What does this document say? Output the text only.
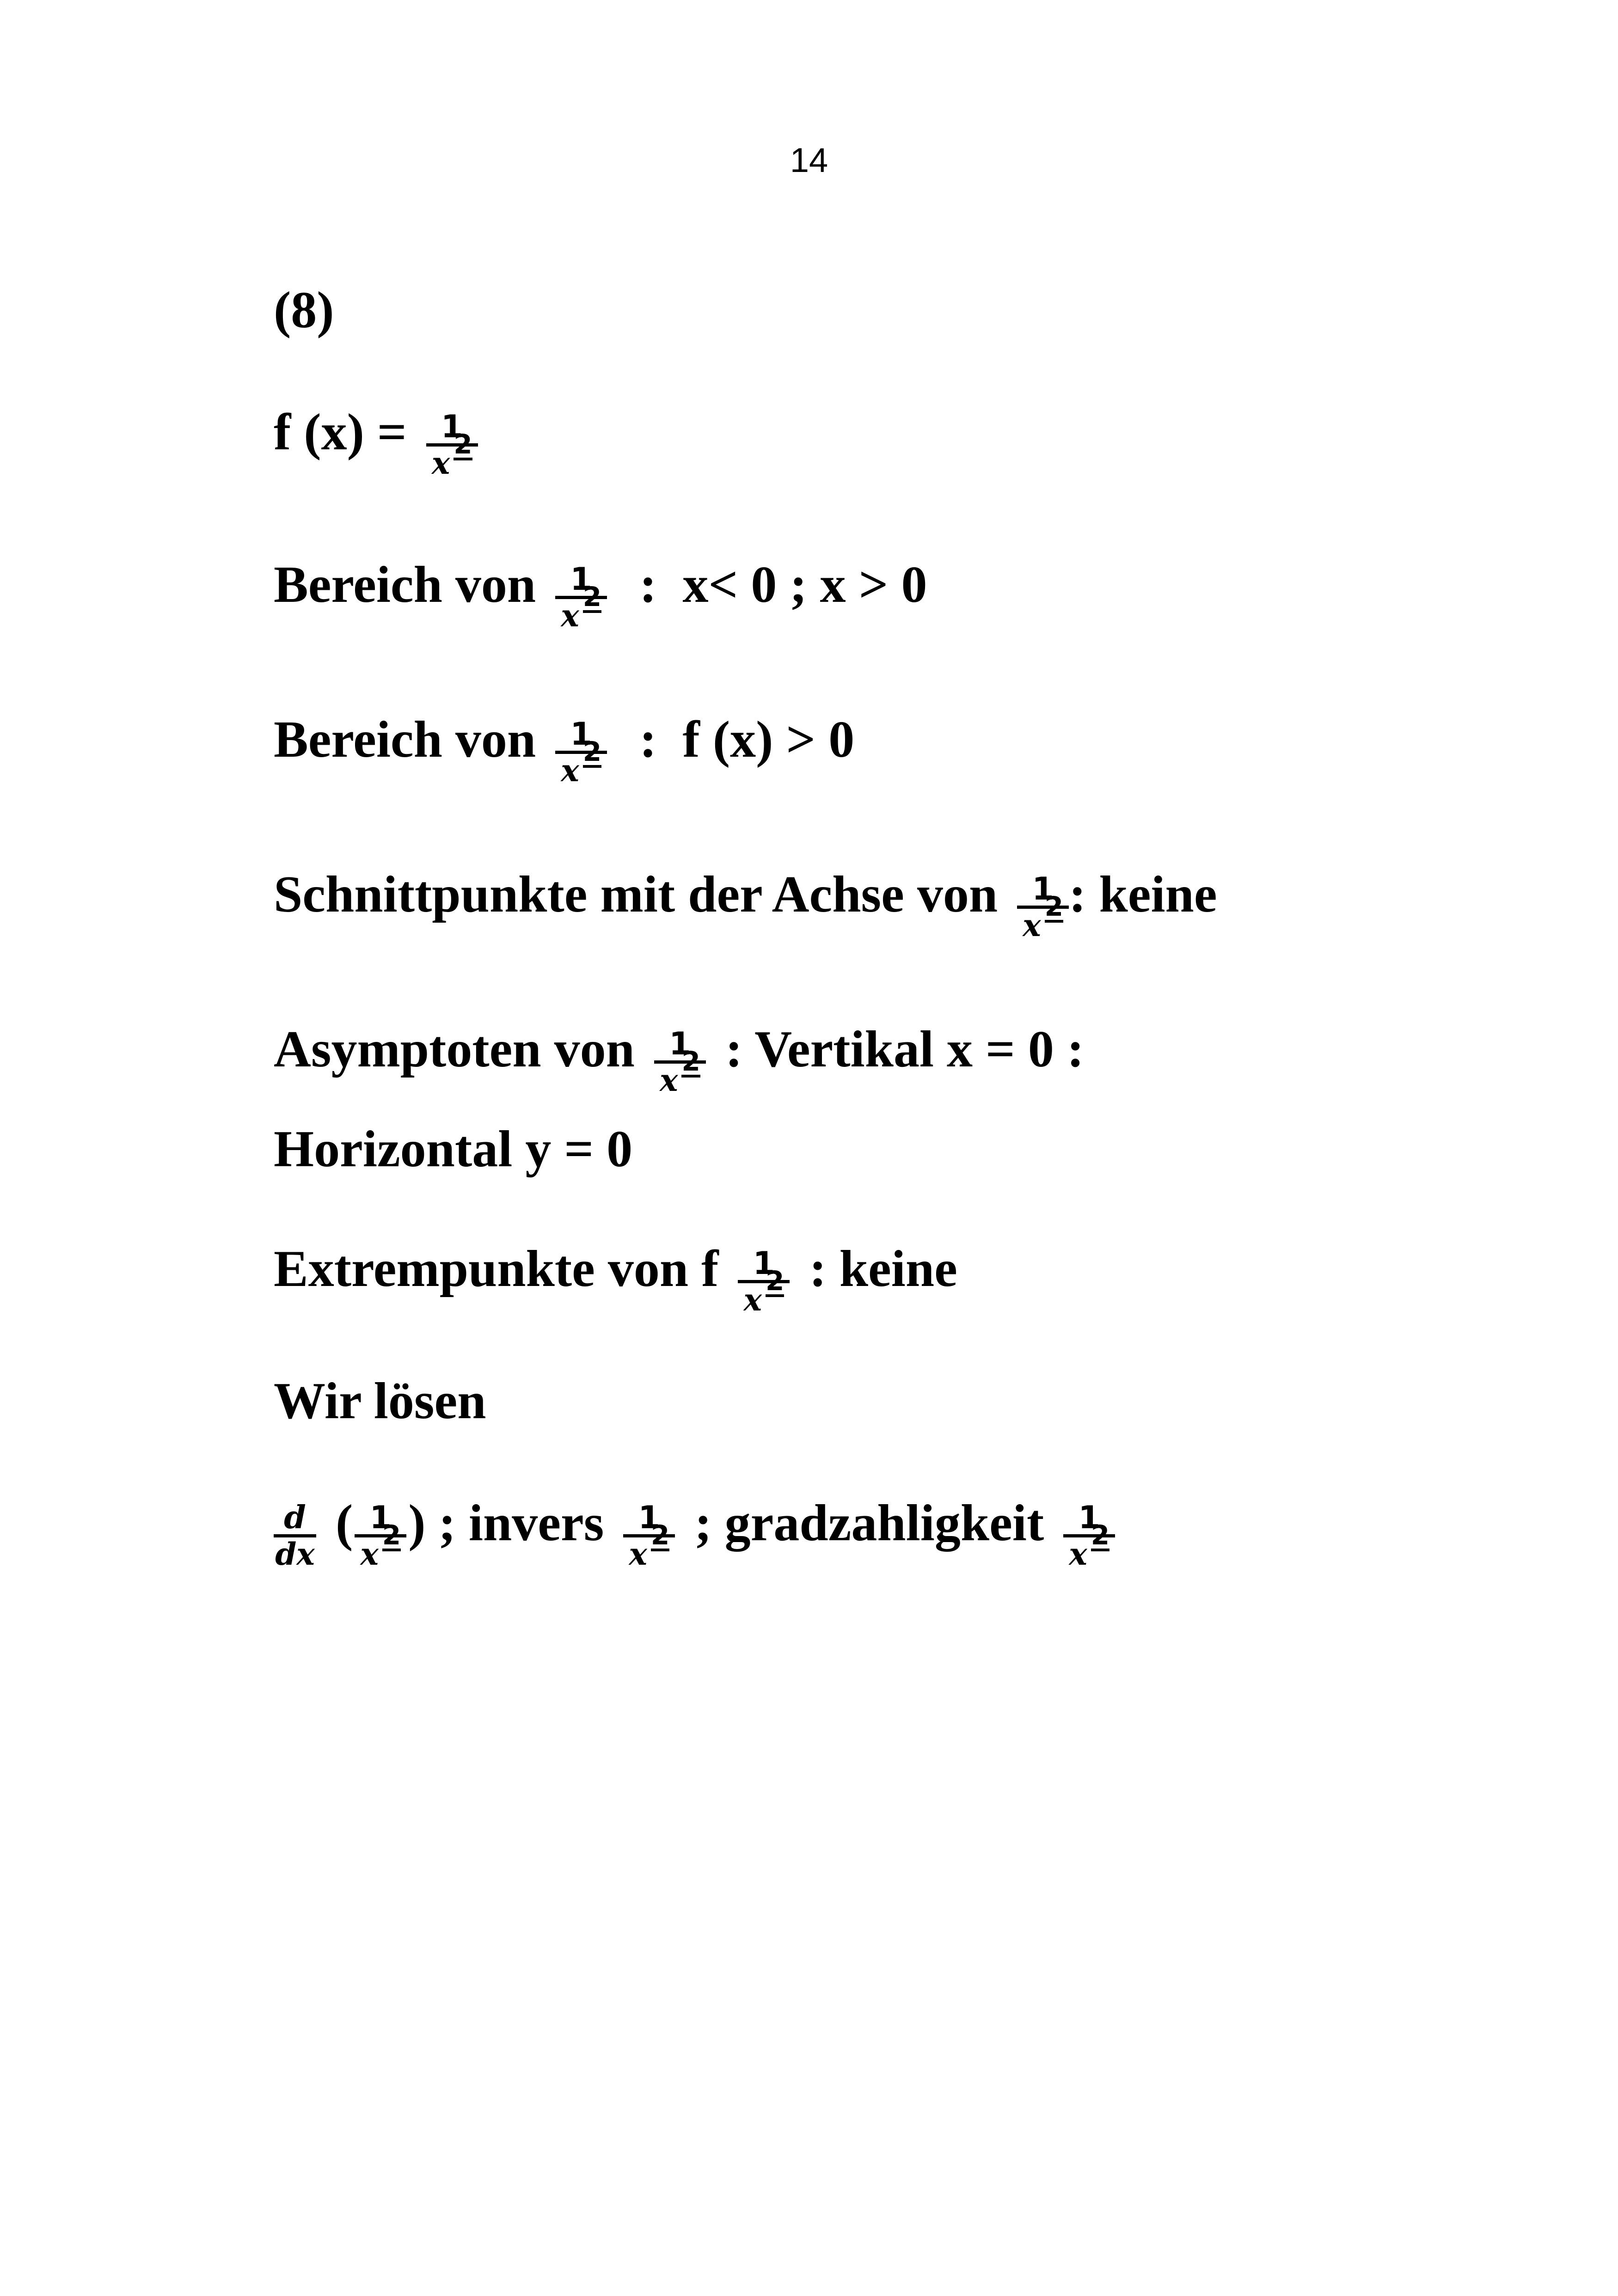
14
(8)
f (x) = 1
x
2
Bereich von 1
x
2 :  x< 0 ; x > 0
Bereich von 1
x
2 :  f (x) > 0
Schnittpunkte mit der Achse von 1
x
2 : keine
Asymptoten von 1
x
2 : Vertikal x = 0 :
Horizontal y = 0
Extrempunkte von f 1
x
2 : keine
Wir lösen
$\frac{d}{dx}$ ( 1
x
2 ) ; invers 1
x
2 ; gradzahligkeit 1
x
2
